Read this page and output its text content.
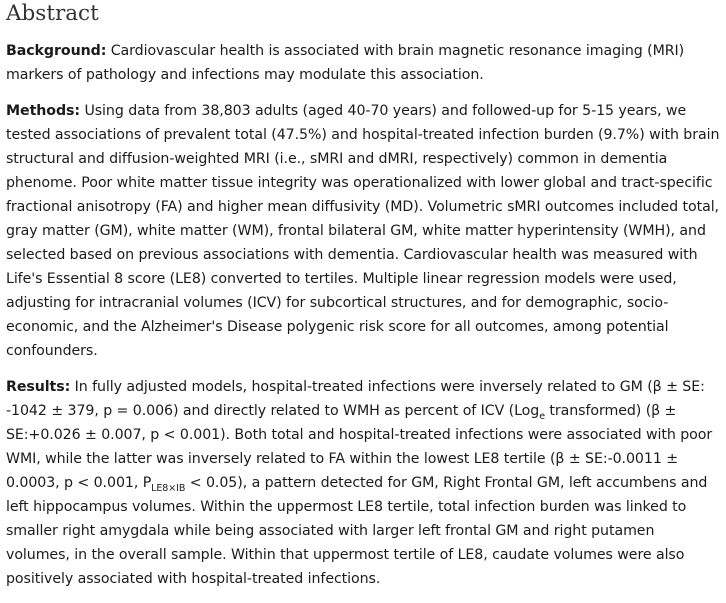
Abstract

Background: Cardiovascular health is associated with brain magnetic resonance imaging (MRI) markers of pathology and infections may modulate this association.

Methods: Using data from 38,803 adults (aged 40-70 years) and followed-up for 5-15 years, we tested associations of prevalent total (47.5%) and hospital-treated infection burden (9.7%) with brain structural and diffusion-weighted MRI (i.e., sMRI and dMRI, respectively) common in dementia phenome. Poor white matter tissue integrity was operationalized with lower global and tract-specific fractional anisotropy (FA) and higher mean diffusivity (MD). Volumetric sMRI outcomes included total, gray matter (GM), white matter (WM), frontal bilateral GM, white matter hyperintensity (WMH), and selected based on previous associations with dementia. Cardiovascular health was measured with Life's Essential 8 score (LE8) converted to tertiles. Multiple linear regression models were used, adjusting for intracranial volumes (ICV) for subcortical structures, and for demographic, socio-economic, and the Alzheimer's Disease polygenic risk score for all outcomes, among potential confounders.

Results: In fully adjusted models, hospital-treated infections were inversely related to GM (β ± SE: -1042 ± 379, p = 0.006) and directly related to WMH as percent of ICV (Log$_e$ transformed) (β ± SE:+0.026 ± 0.007, p < 0.001). Both total and hospital-treated infections were associated with poor WMI, while the latter was inversely related to FA within the lowest LE8 tertile (β ± SE:-0.0011 ± 0.0003, p < 0.001, $P_{LE8\times IB} < 0.05$), a pattern detected for GM, Right Frontal GM, left accumbens and left hippocampus volumes. Within the uppermost LE8 tertile, total infection burden was linked to smaller right amygdala while being associated with larger left frontal GM and right putamen volumes, in the overall sample. Within that uppermost tertile of LE8, caudate volumes were also positively associated with hospital-treated infections.
